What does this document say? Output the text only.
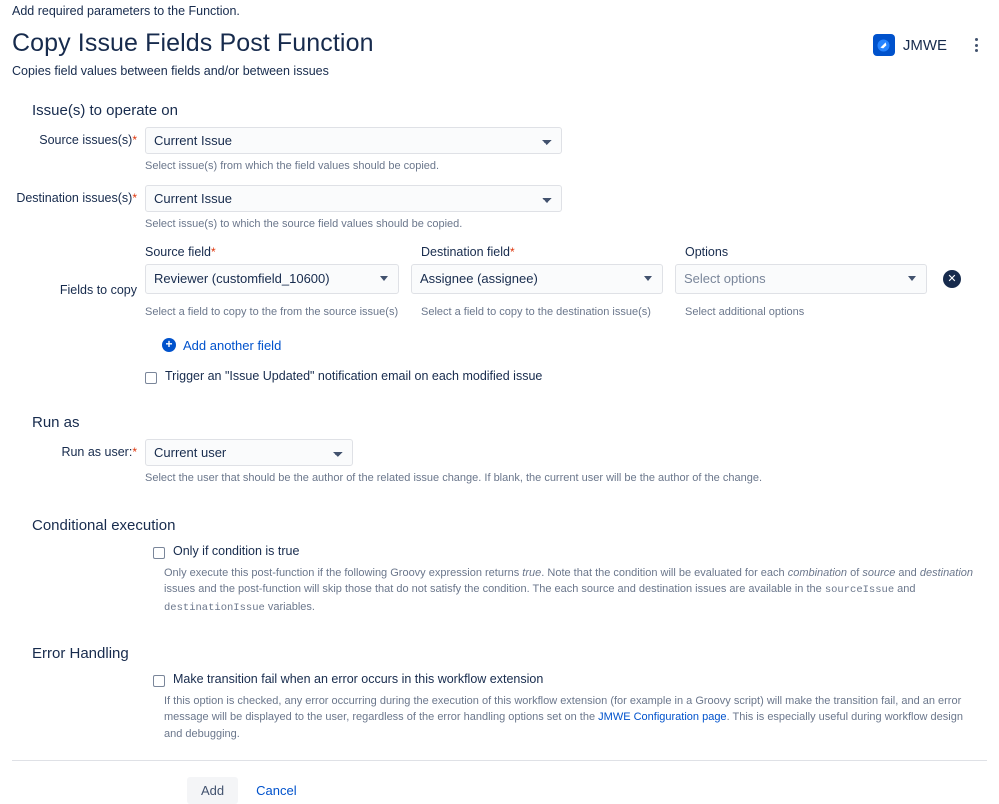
Add required parameters to the Function.
Copy Issue Fields Post Function
Copies field values between fields and/or between issues
JMWE
Issue(s) to operate on
Source issues(s)*
Current Issue
Select issue(s) from which the field values should be copied.
Destination issues(s)*
Current Issue
Select issue(s) to which the source field values should be copied.
Fields to copy
Source field*	Destination field*	Options
Reviewer (customfield_10600)	Assignee (assignee)	Select options	✕
Select a field to copy to the from the source issue(s)	Select a field to copy to the destination issue(s)	Select additional options
+ Add another field
Trigger an "Issue Updated" notification email on each modified issue
Run as
Run as user:*
Current user
Select the user that should be the author of the related issue change. If blank, the current user will be the author of the change.
Conditional execution
Only if condition is true
Only execute this post-function if the following Groovy expression returns true. Note that the condition will be evaluated for each combination of source and destination issues and the post-function will skip those that do not satisfy the condition. The each source and destination issues are available in the sourceIssue and destinationIssue variables.
Error Handling
Make transition fail when an error occurs in this workflow extension
If this option is checked, any error occurring during the execution of this workflow extension (for example in a Groovy script) will make the transition fail, and an error message will be displayed to the user, regardless of the error handling options set on the JMWE Configuration page. This is especially useful during workflow design and debugging.
Add	Cancel
